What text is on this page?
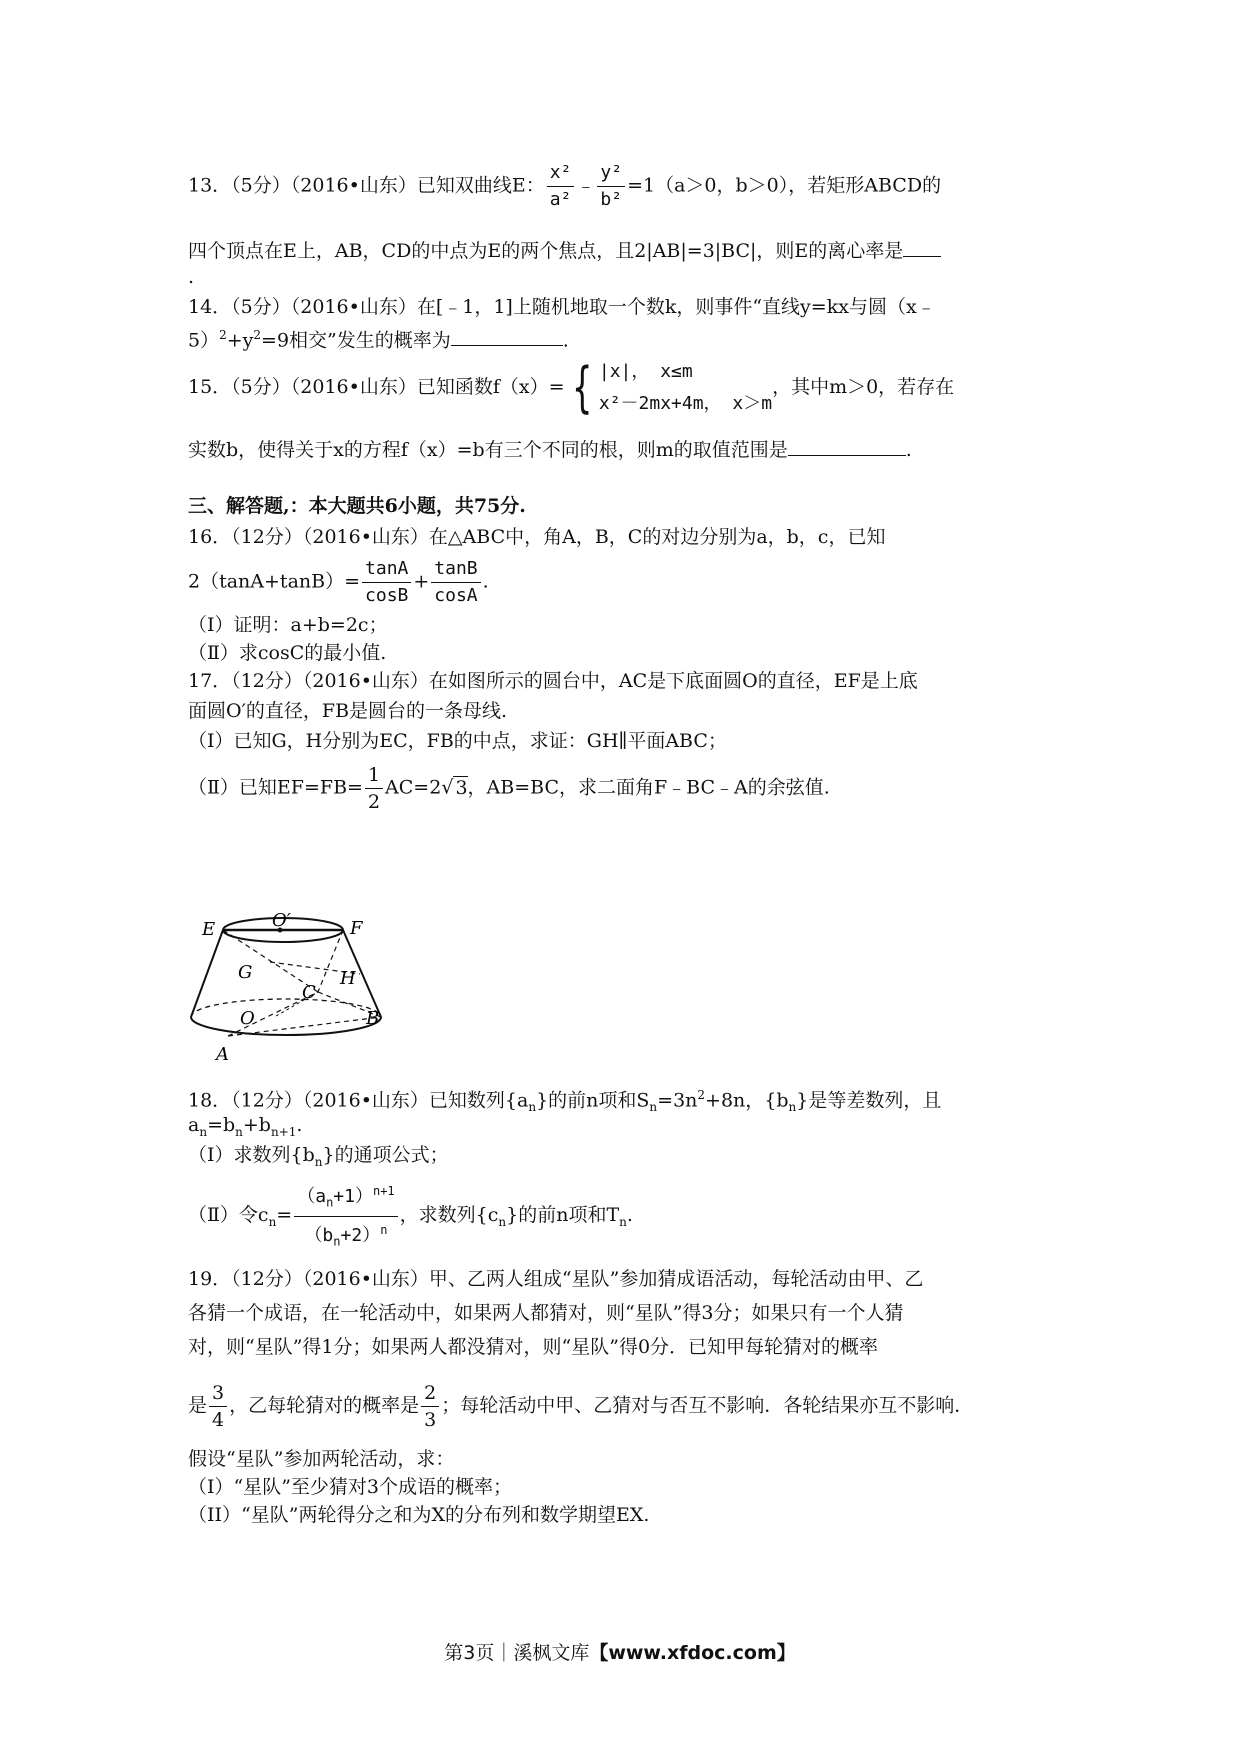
13．（5分）（2016•山东）已知双曲线E： $\frac{\text{x²}}{\text{a²}}$ ﹣ $\frac{\text{y²}}{\text{b²}} =1(a>0$，b＞0），若矩形ABCD的
四个顶点在E上，AB，CD的中点为E的两个焦点，且2|AB|=3|BC|，则E的离心率是
.
14．（5分）（2016•山东）在[﹣1，1]上随机地取一个数k，则事件“直线y=kx与圆（x﹣
$5)^2+y^2=9$相交”发生的概率为	.
15．（5分）（2016•山东）已知函数f（x）= { |x|， x≤m
x²－2mx+4m， x＞m
，其中m＞0，若存在
实数b，使得关于x的方程f（x）=b有三个不同的根，则m的取值范围是	.
三、解答题,：本大题共6小题，共75分.
16．（12分）（2016•山东）在△ABC中，角A，B，C的对边分别为a，b，c，已知
$2(\tan A+\tan B)= \frac{\tan A}{\cos B} + \frac{\tan B}{\cos A}$ .
（Ⅰ）证明：a+b=2c；
（Ⅱ）求cosC的最小值.
17．（12分）（2016•山东）在如图所示的圆台中，AC是下底面圆O的直径，EF是上底
面圆O′的直径，FB是圆台的一条母线.
（I）已知G，H分别为EC，FB的中点，求证：GH∥平面ABC；
（Ⅱ）已知$EF=FB= \frac{1}{2} AC=2√$ 3，AB=BC，求二面角F﹣BC﹣A的余弦值.
E	O′	F
G	H
C
O	B
A
18．（12分）（2016•山东）已知数列$\{a_n\}$的前n项和$S_n=3n^2+8n$，$\{b_n\}$是等差数列，且
$a_n=b_n+b_{n+1}$.
（Ⅰ）求数列$\{b_n\}$的通项公式；
（Ⅱ）令$c_n= \frac{(a_n+1)^{n+1}}{(b_n+2)^n}$ ，求数列$\{c_n\}$的前n项和$T_n$.
19．（12分）（2016•山东）甲、乙两人组成“星队”参加猜成语活动，每轮活动由甲、乙
各猜一个成语，在一轮活动中，如果两人都猜对，则“星队”得3分；如果只有一个人猜
对，则“星队”得1分；如果两人都没猜对，则“星队”得0分．已知甲每轮猜对的概率
是 $\frac{3}{4}$ ，乙每轮猜对的概率是 $\frac{2}{3}$ ；每轮活动中甲、乙猜对与否互不影响．各轮结果亦互不影响．
假设“星队”参加两轮活动，求：
（I）“星队”至少猜对3个成语的概率；
（II）“星队”两轮得分之和为X的分布列和数学期望EX.
第3页｜溪枫文库【www.xfdoc.com】
